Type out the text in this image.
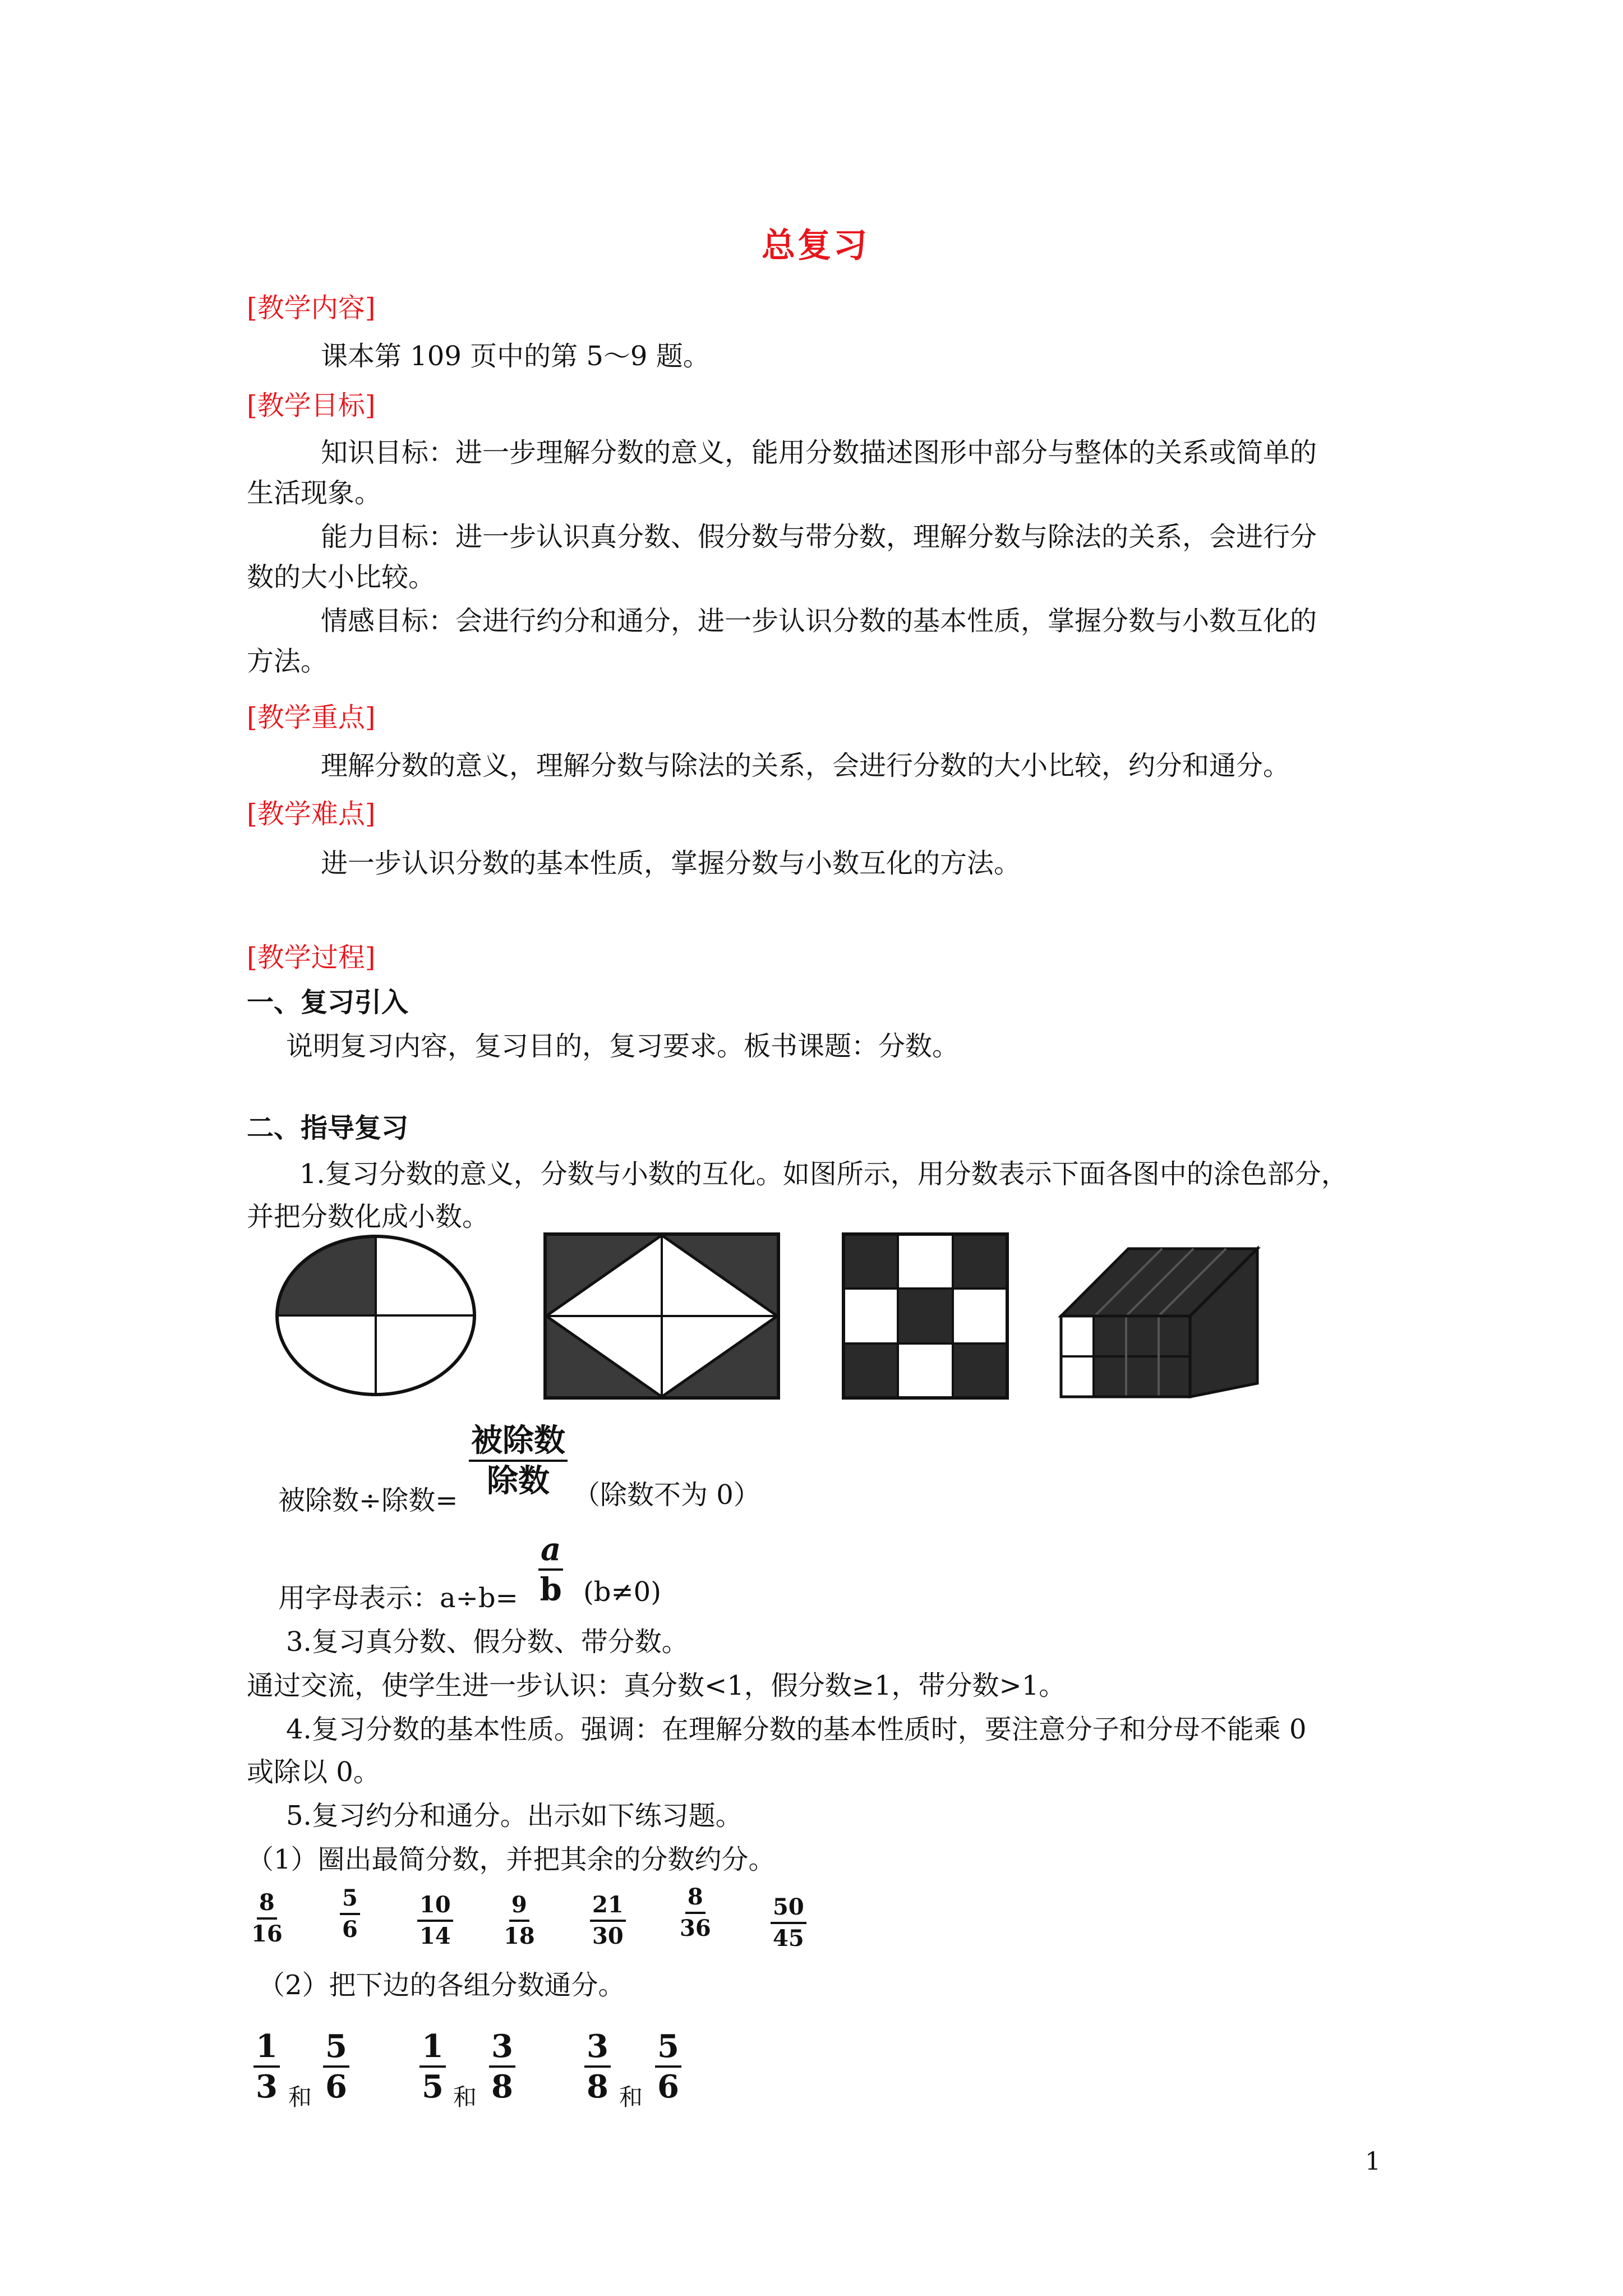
总复习
[教学内容]
课本第 109 页中的第 5～9 题。
[教学目标]
知识目标：进一步理解分数的意义，能用分数描述图形中部分与整体的关系或简单的
生活现象。
能力目标：进一步认识真分数、假分数与带分数，理解分数与除法的关系，会进行分
数的大小比较。
情感目标：会进行约分和通分，进一步认识分数的基本性质，掌握分数与小数互化的
方法。
[教学重点]
理解分数的意义，理解分数与除法的关系，会进行分数的大小比较，约分和通分。
[教学难点]
进一步认识分数的基本性质，掌握分数与小数互化的方法。
[教学过程]
一、复习引入
说明复习内容，复习目的，复习要求。板书课题：分数。
二、指导复习
1.复习分数的意义，分数与小数的互化。如图所示，用分数表示下面各图中的涂色部分，
并把分数化成小数。
被除数÷除数=
被除数
除数 （除数不为 0）
用字母表示：$a\div b= \frac{a}{b} (b\ne 0)$
3.复习真分数、假分数、带分数。
通过交流，使学生进一步认识：真分数<1，假分数≥1，带分数>1。
4.复习分数的基本性质。强调：在理解分数的基本性质时，要注意分子和分母不能乘 0
或除以 0。
5.复习约分和通分。出示如下练习题。
（1）圈出最简分数，并把其余的分数约分。
$\frac{8}{16}$	$\frac{5}{6}$	$\frac{10}{14} \frac{9}{18} \frac{21}{30} \frac{8}{36}$	$\frac{50}{45}$
（2）把下边的各组分数通分。
$\frac{1}{3}$ 和 $\frac{5}{6} \frac{1}{5}$ 和 $\frac{3}{8} \frac{3}{8}$ 和 $\frac{5}{6}$
1
